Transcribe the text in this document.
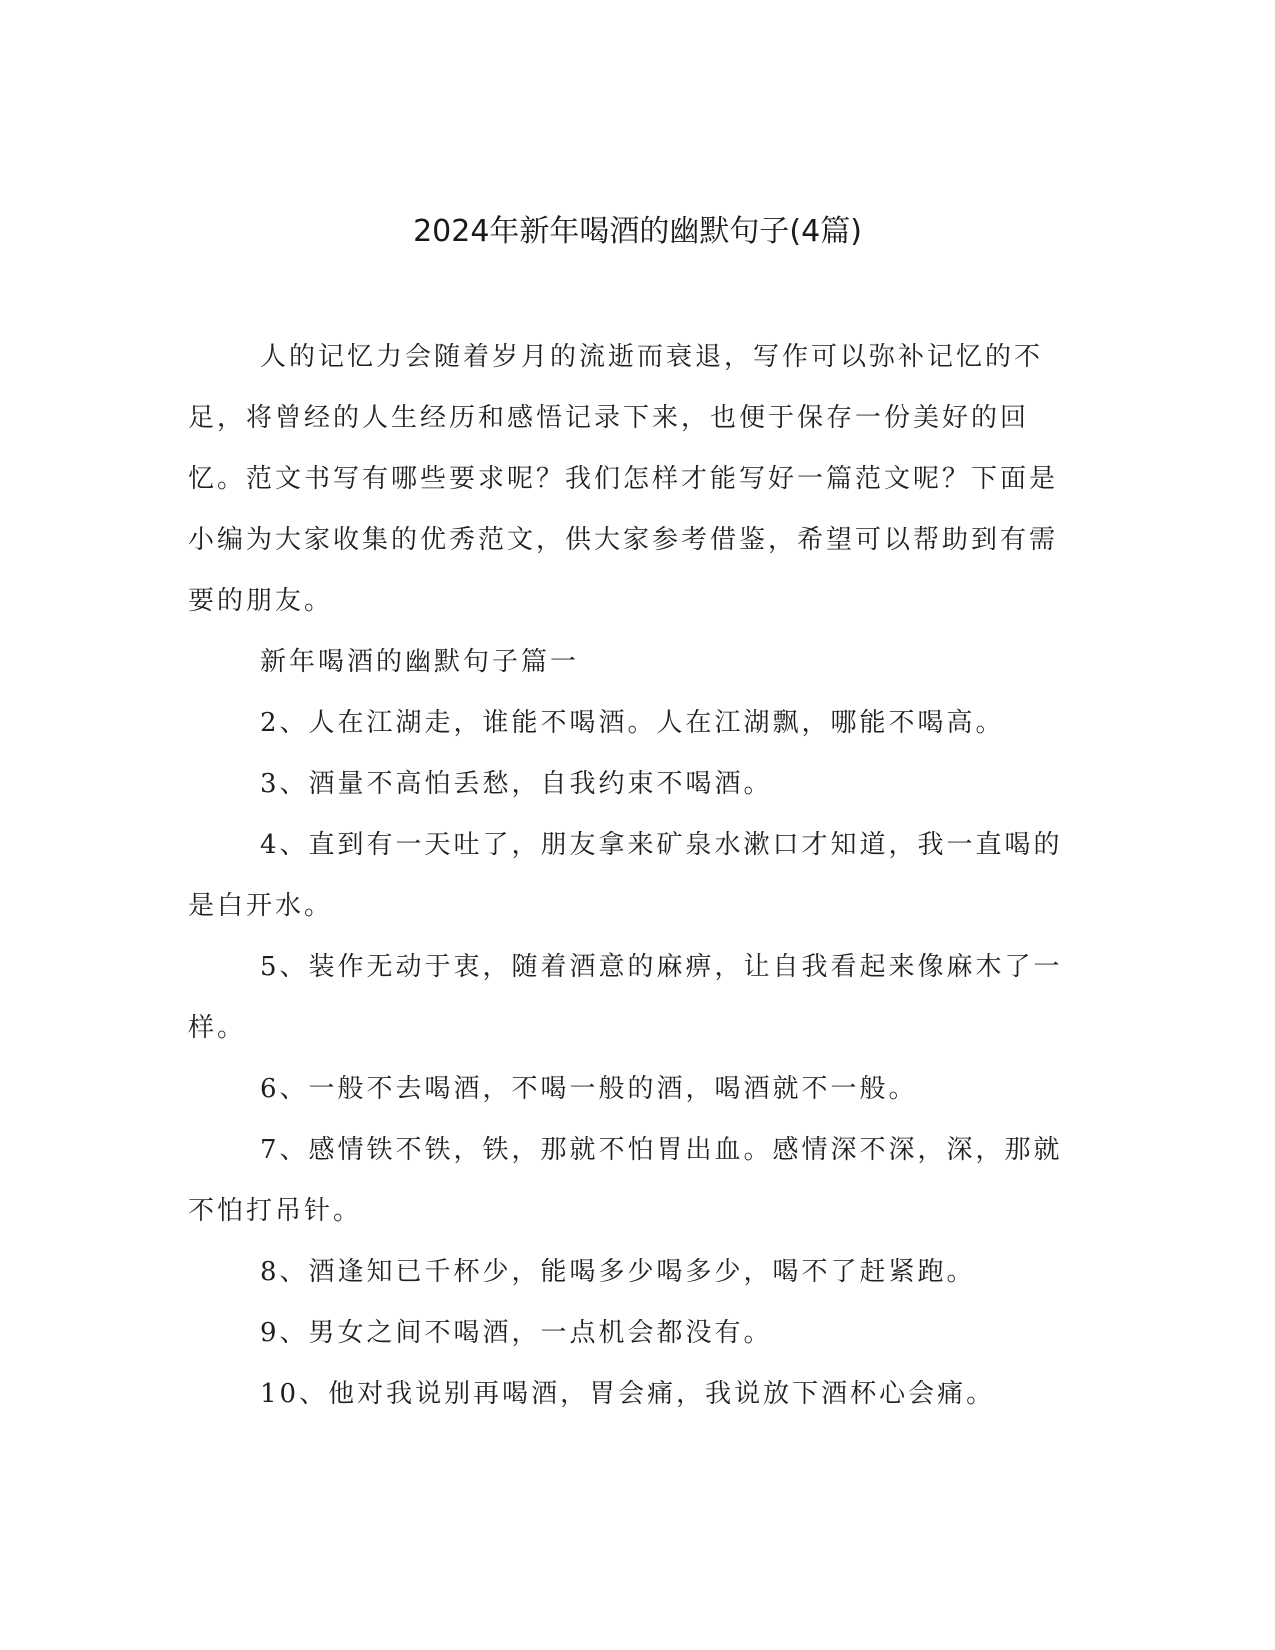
2024年新年喝酒的幽默句子(4篇)

人的记忆力会随着岁月的流逝而衰退，写作可以弥补记忆的不足，将曾经的人生经历和感悟记录下来，也便于保存一份美好的回忆。范文书写有哪些要求呢？我们怎样才能写好一篇范文呢？下面是小编为大家收集的优秀范文，供大家参考借鉴，希望可以帮助到有需要的朋友。

新年喝酒的幽默句子篇一

2、人在江湖走，谁能不喝酒。人在江湖飘，哪能不喝高。

3、酒量不高怕丢愁，自我约束不喝酒。

4、直到有一天吐了，朋友拿来矿泉水漱口才知道，我一直喝的是白开水。

5、装作无动于衷，随着酒意的麻痹，让自我看起来像麻木了一样。

6、一般不去喝酒，不喝一般的酒，喝酒就不一般。

7、感情铁不铁，铁，那就不怕胃出血。感情深不深，深，那就不怕打吊针。

8、酒逢知已千杯少，能喝多少喝多少，喝不了赶紧跑。

9、男女之间不喝酒，一点机会都没有。

10、他对我说别再喝酒，胃会痛，我说放下酒杯心会痛。
